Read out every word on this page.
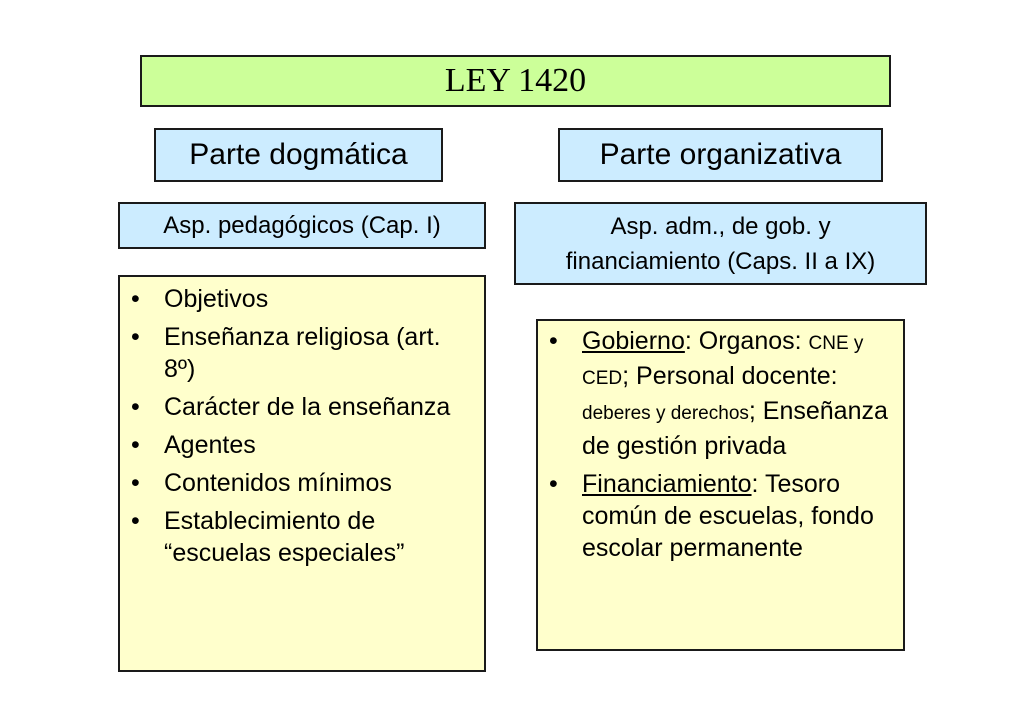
LEY 1420
Parte dogmática	Parte organizativa
Asp. pedagógicos (Cap. I)	Asp. adm., de gob. y
financiamiento (Caps. II a IX)
• Objetivos
• Enseñanza religiosa (art. 8º)
• Carácter de la enseñanza
• Agentes
• Contenidos mínimos
• Establecimiento de “escuelas especiales”
• Gobierno: Organos: CNE y CED; Personal docente: deberes y derechos; Enseñanza de gestión privada
• Financiamiento: Tesoro común de escuelas, fondo escolar permanente
